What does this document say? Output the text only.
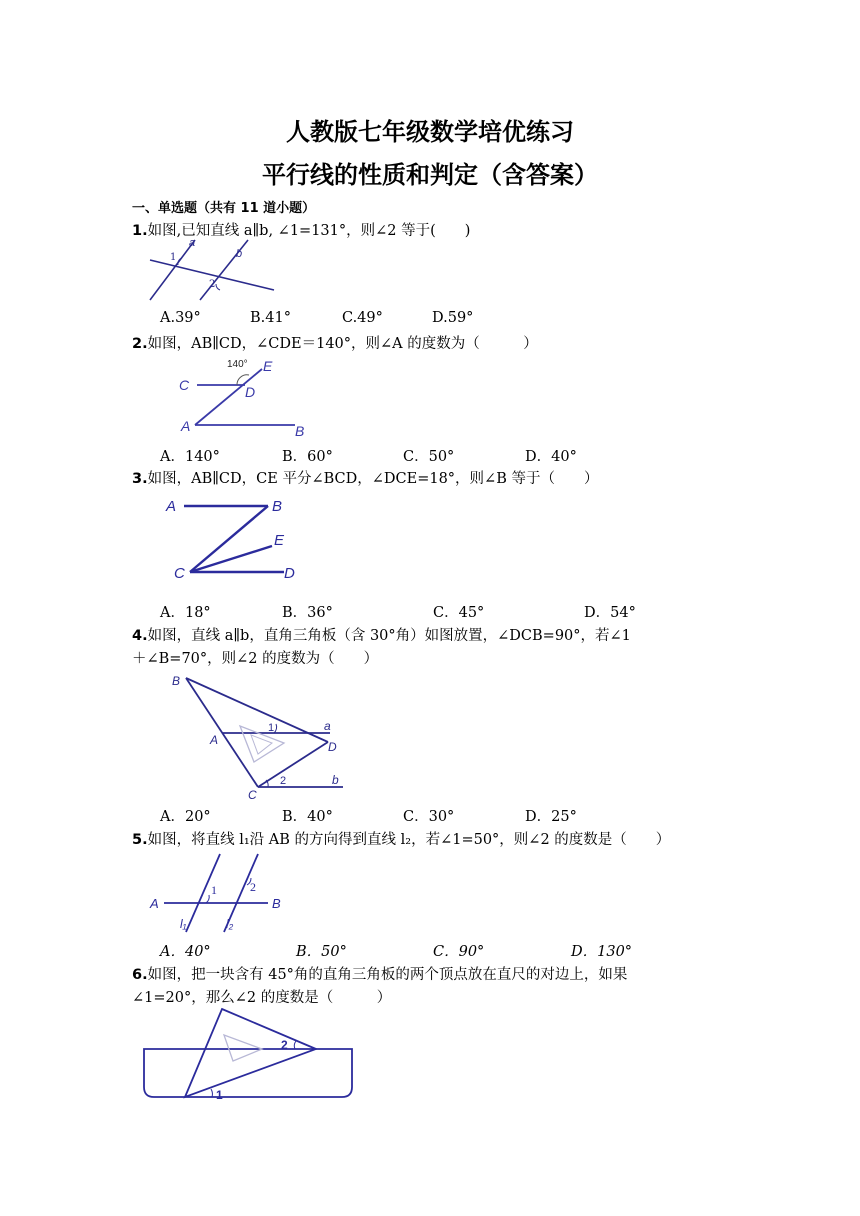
人教版七年级数学培优练习
平行线的性质和判定（含答案）
一、单选题（共有 11 道小题）
1.如图,已知直线 a∥b, ∠1=131°，则∠2 等于(　　)
a
b
1
2
A.39°	B.41°	C.49°	D.59°
2.如图，AB∥CD，∠CDE＝140°，则∠A 的度数为（　　　）
140°
C	D
E
A	B
A．140°	B．60°	C．50°	D．40°
3.如图，AB∥CD，CE 平分∠BCD，∠DCE=18°，则∠B 等于（　　）
A	B
E
C	D
A．18°	B．36°	C．45°	D．54°
4.如图，直线 a∥b，直角三角板（含 30°角）如图放置，∠DCB=90°，若∠1
＋∠B=70°，则∠2 的度数为（　　）
B
1	a
A	D
2	b
C
A．20°	B．40°	C．30°	D．25°
5.如图，将直线 l₁沿 AB 的方向得到直线 l₂，若∠1=50°，则∠2 的度数是（　　）
1	2
A	B
l₁	l₂
A．40°	B．50°	C．90°	D．130°
6.如图，把一块含有 45°角的直角三角板的两个顶点放在直尺的对边上，如果
∠1=20°，那么∠2 的度数是（　　　）
2
1
